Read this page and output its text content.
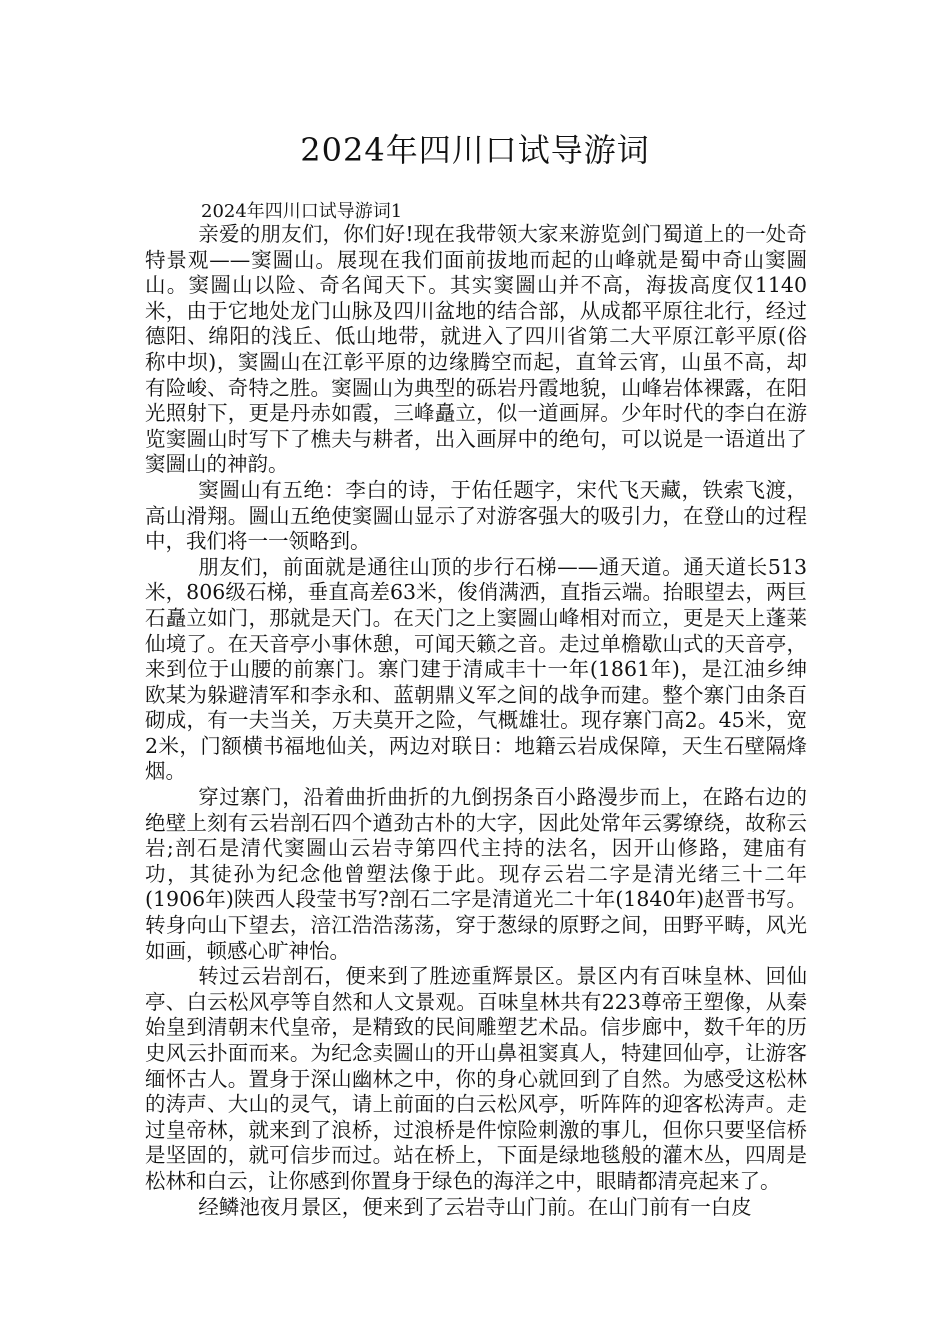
2024年四川口试导游词
2024年四川口试导游词1

亲爱的朋友们，你们好!现在我带领大家来游览剑门蜀道上的一处奇特景观——窦圌山。展现在我们面前拔地而起的山峰就是蜀中奇山窦圌山。窦圌山以险、奇名闻天下。其实窦圌山并不高，海拔高度仅1140米，由于它地处龙门山脉及四川盆地的结合部，从成都平原往北行，经过德阳、绵阳的浅丘、低山地带，就进入了四川省第二大平原江彰平原(俗称中坝)，窦圌山在江彰平原的边缘腾空而起，直耸云宵，山虽不高，却有险峻、奇特之胜。窦圌山为典型的砾岩丹霞地貌，山峰岩体裸露，在阳光照射下，更是丹赤如霞，三峰矗立，似一道画屏。少年时代的李白在游览窦圌山时写下了樵夫与耕者，出入画屏中的绝句，可以说是一语道出了窦圌山的神韵。

窦圌山有五绝：李白的诗，于佑任题字，宋代飞天藏，铁索飞渡，高山滑翔。圌山五绝使窦圌山显示了对游客强大的吸引力，在登山的过程中，我们将一一领略到。

朋友们，前面就是通往山顶的步行石梯——通天道。通天道长513米，806级石梯，垂直高差63米，俊俏满洒，直指云端。抬眼望去，两巨石矗立如门，那就是天门。在天门之上窦圌山峰相对而立，更是天上蓬莱仙境了。在天音亭小事休憩，可闻天籁之音。走过单檐歇山式的天音亭，来到位于山腰的前寨门。寨门建于清咸丰十一年(1861年)，是江油乡绅欧某为躲避清军和李永和、蓝朝鼎义军之间的战争而建。整个寨门由条百砌成，有一夫当关，万夫莫开之险，气概雄壮。现存寨门高2。45米，宽2米，门额横书福地仙关，两边对联日：地籍云岩成保障，天生石壁隔烽烟。

穿过寨门，沿着曲折曲折的九倒拐条百小路漫步而上，在路右边的绝壁上刻有云岩剖石四个遒劲古朴的大字，因此处常年云雾缭绕，故称云岩;剖石是清代窦圌山云岩寺第四代主持的法名，因开山修路，建庙有功，其徒孙为纪念他曾塑法像于此。现存云岩二字是清光绪三十二年(1906年)陕西人段莹书写?剖石二字是清道光二十年(1840年)赵晋书写。转身向山下望去，涪江浩浩荡荡，穿于葱绿的原野之间，田野平畴，风光如画，顿感心旷神怡。

转过云岩剖石，便来到了胜迹重辉景区。景区内有百味皇林、回仙亭、白云松风亭等自然和人文景观。百味皇林共有223尊帝王塑像，从秦始皇到清朝末代皇帝，是精致的民间雕塑艺术品。信步廊中，数千年的历史风云扑面而来。为纪念卖圌山的开山鼻祖窦真人，特建回仙亭，让游客缅怀古人。置身于深山幽林之中，你的身心就回到了自然。为感受这松林的涛声、大山的灵气，请上前面的白云松风亭，听阵阵的迎客松涛声。走过皇帝林，就来到了浪桥，过浪桥是件惊险刺激的事儿，但你只要坚信桥是坚固的，就可信步而过。站在桥上，下面是绿地毯般的灌木丛，四周是松林和白云，让你感到你置身于绿色的海洋之中，眼睛都清亮起来了。

经鳞池夜月景区，便来到了云岩寺山门前。在山门前有一白皮
